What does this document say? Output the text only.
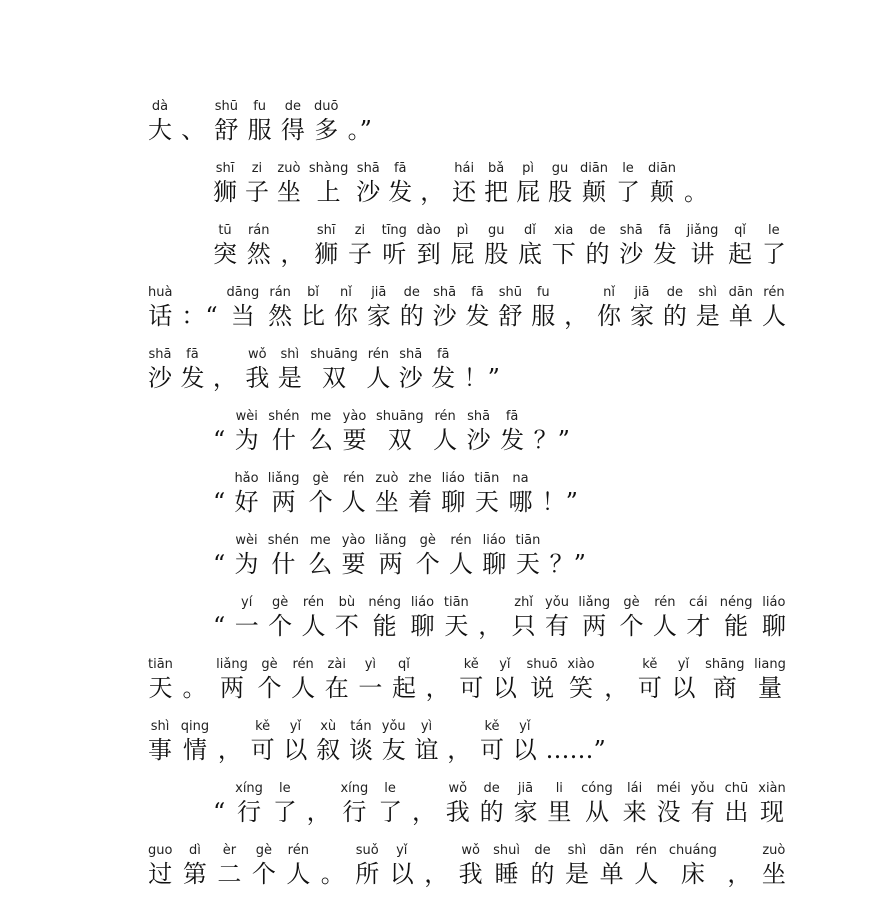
dà
大 、
shū
舒
fu
服
de
得
duō
多 。”
shī
狮
zi
子
zuò
坐
shàng
上
shā
沙
fā
发 ，
hái
还
bǎ
把
pì
屁
gu
股
diān
颠
le
了
diān
颠 。
tū
突
rán
然 ，
shī
狮
zi
子
tīng
听
dào
到
pì
屁
gu
股
dǐ
底
xia
下
de
的
shā
沙
fā
发
jiǎng
讲
qǐ
起
le
了
huà
话 ：“
dāng
当
rán
然
bǐ
比
nǐ
你
jiā
家
de
的
shā
沙
fā
发
shū
舒
fu
服 ，
nǐ
你
jiā
家
de
的
shì
是
dān
单
rén
人
shā
沙
fā
发 ，
wǒ
我
shì
是
shuāng
双
rén
人
shā
沙
fā
发 ！”
“
wèi
为
shén
什
me
么
yào
要
shuāng
双
rén
人
shā
沙
fā
发 ？”
“
hǎo
好
liǎng
两
gè
个
rén
人
zuò
坐
zhe
着
liáo
聊
tiān
天
na
哪 ！”
“
wèi
为
shén
什
me
么
yào
要
liǎng
两
gè
个
rén
人
liáo
聊
tiān
天 ？”
“
yí
一
gè
个
rén
人
bù
不
néng
能
liáo
聊
tiān
天 ，
zhǐ
只
yǒu
有
liǎng
两
gè
个
rén
人
cái
才
néng
能
liáo
聊
tiān
天 。
liǎng
两
gè
个
rén
人
zài
在
yì
一
qǐ
起 ，
kě
可
yǐ
以
shuō
说
xiào
笑 ，
kě
可
yǐ
以
shāng
商
liang
量
shì
事
qing
情 ，
kě
可
yǐ
以
xù
叙
tán
谈
yǒu
友
yì
谊 ，
kě
可
yǐ
以 ……”
“
xíng
行
le
了 ，
xíng
行
le
了 ，
wǒ
我
de
的
jiā
家
li
里
cóng
从
lái
来
méi
没
yǒu
有
chū
出
xiàn
现
guo
过
dì
第
èr
二
gè
个
rén
人 。
suǒ
所
yǐ
以 ，
wǒ
我
shuì
睡
de
的
shì
是
dān
单
rén
人
chuáng
床 ，
zuò
坐
